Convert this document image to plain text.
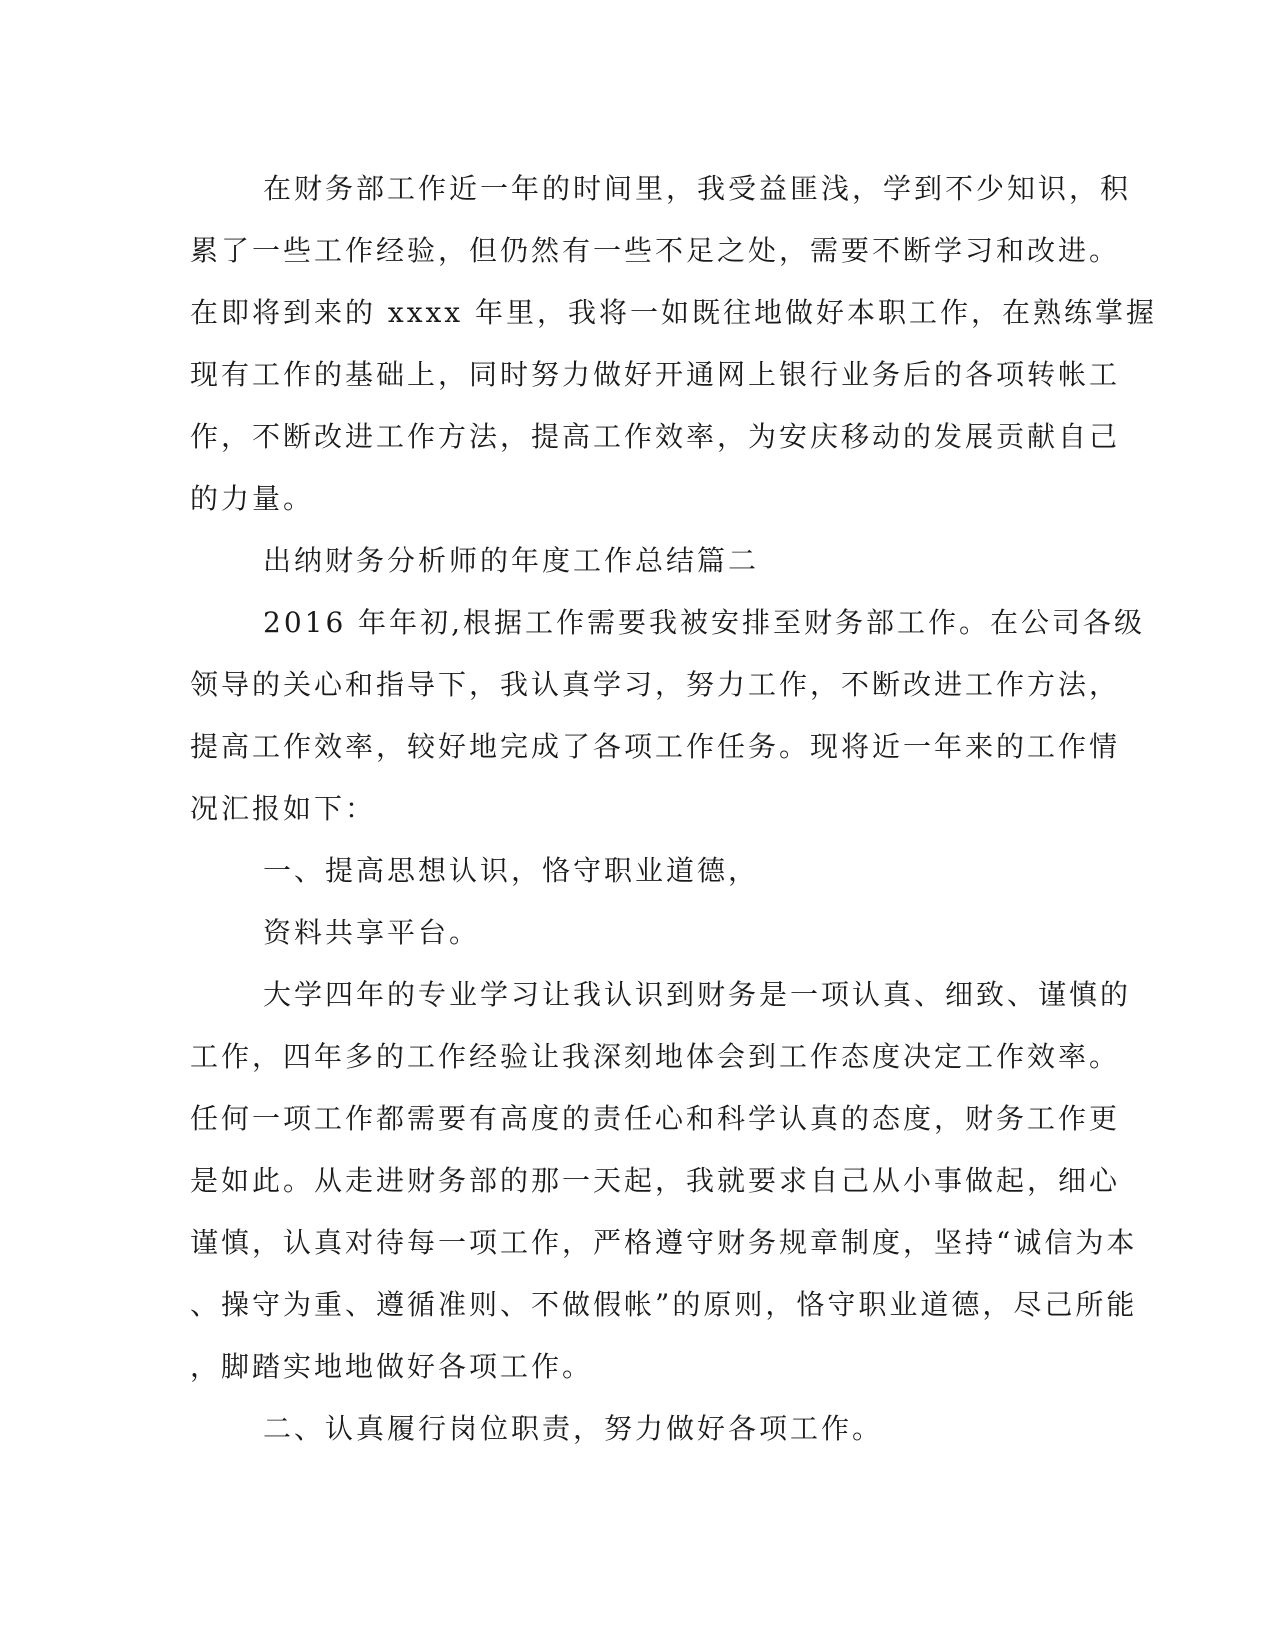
在财务部工作近一年的时间里，我受益匪浅，学到不少知识，积
累了一些工作经验，但仍然有一些不足之处，需要不断学习和改进。
在即将到来的 xxxx 年里，我将一如既往地做好本职工作，在熟练掌握
现有工作的基础上，同时努力做好开通网上银行业务后的各项转帐工
作，不断改进工作方法，提高工作效率，为安庆移动的发展贡献自己
的力量。
出纳财务分析师的年度工作总结篇二
2016 年年初,根据工作需要我被安排至财务部工作。在公司各级
领导的关心和指导下，我认真学习，努力工作，不断改进工作方法，
提高工作效率，较好地完成了各项工作任务。现将近一年来的工作情
况汇报如下：
一、提高思想认识，恪守职业道德，
资料共享平台。
大学四年的专业学习让我认识到财务是一项认真、细致、谨慎的
工作，四年多的工作经验让我深刻地体会到工作态度决定工作效率。
任何一项工作都需要有高度的责任心和科学认真的态度，财务工作更
是如此。从走进财务部的那一天起，我就要求自己从小事做起，细心
谨慎，认真对待每一项工作，严格遵守财务规章制度，坚持“诚信为本
、操守为重、遵循准则、不做假帐”的原则，恪守职业道德，尽己所能
，脚踏实地地做好各项工作。
二、认真履行岗位职责，努力做好各项工作。
